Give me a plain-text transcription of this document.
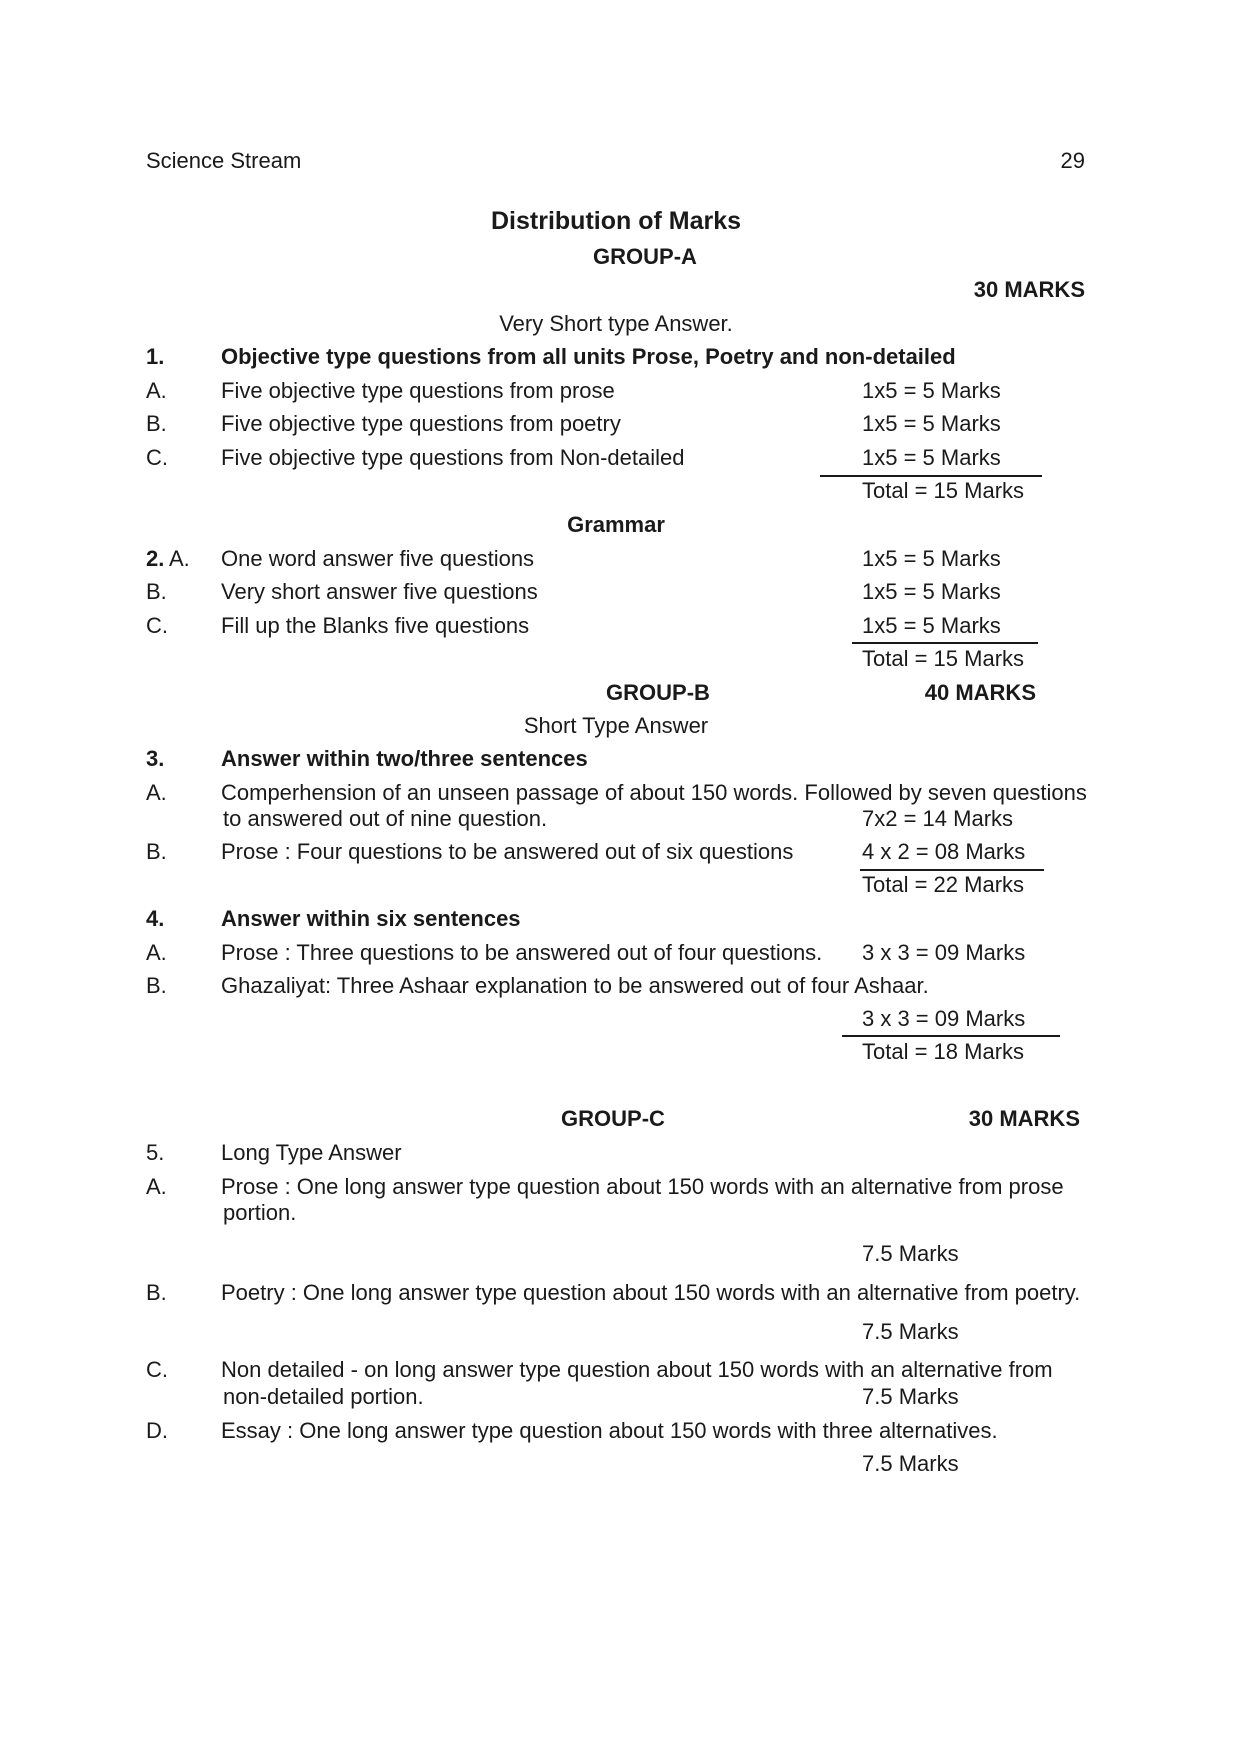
Science Stream	29
Distribution of Marks
GROUP-A
30 MARKS
Very Short type Answer.
1.	Objective type questions from all units Prose, Poetry and non-detailed
A. Five objective type questions from prose	1x5 = 5 Marks
B. Five objective type questions from poetry	1x5 = 5 Marks
C. Five objective type questions from Non-detailed	1x5 = 5 Marks
Total = 15 Marks
Grammar
2. A. One word answer five questions	1x5 = 5 Marks
B. Very short answer five questions	1x5 = 5 Marks
C. Fill up the Blanks five questions	1x5 = 5 Marks
Total = 15 Marks
GROUP-B	40 MARKS
Short Type Answer
3.	Answer within two/three sentences
A. Comperhension of an unseen passage of about 150 words. Followed by seven questions
to answered out of nine question.	7x2 = 14 Marks
B. Prose : Four questions to be answered out of six questions	4 x 2 = 08 Marks
Total = 22 Marks
4.	Answer within six sentences
A. Prose : Three questions to be answered out of four questions. 3 x 3 = 09 Marks
B. Ghazaliyat: Three Ashaar explanation to be answered out of four Ashaar.
3 x 3 = 09 Marks
Total = 18 Marks
GROUP-C	30 MARKS
5.	Long Type Answer
A. Prose : One long answer type question about 150 words with an alternative from prose
portion.
7.5 Marks
B. Poetry : One long answer type question about 150 words with an alternative from poetry.
7.5 Marks
C. Non detailed - on long answer type question about 150 words with an alternative from
non-detailed portion.	7.5 Marks
D. Essay : One long answer type question about 150 words with three alternatives.
7.5 Marks
